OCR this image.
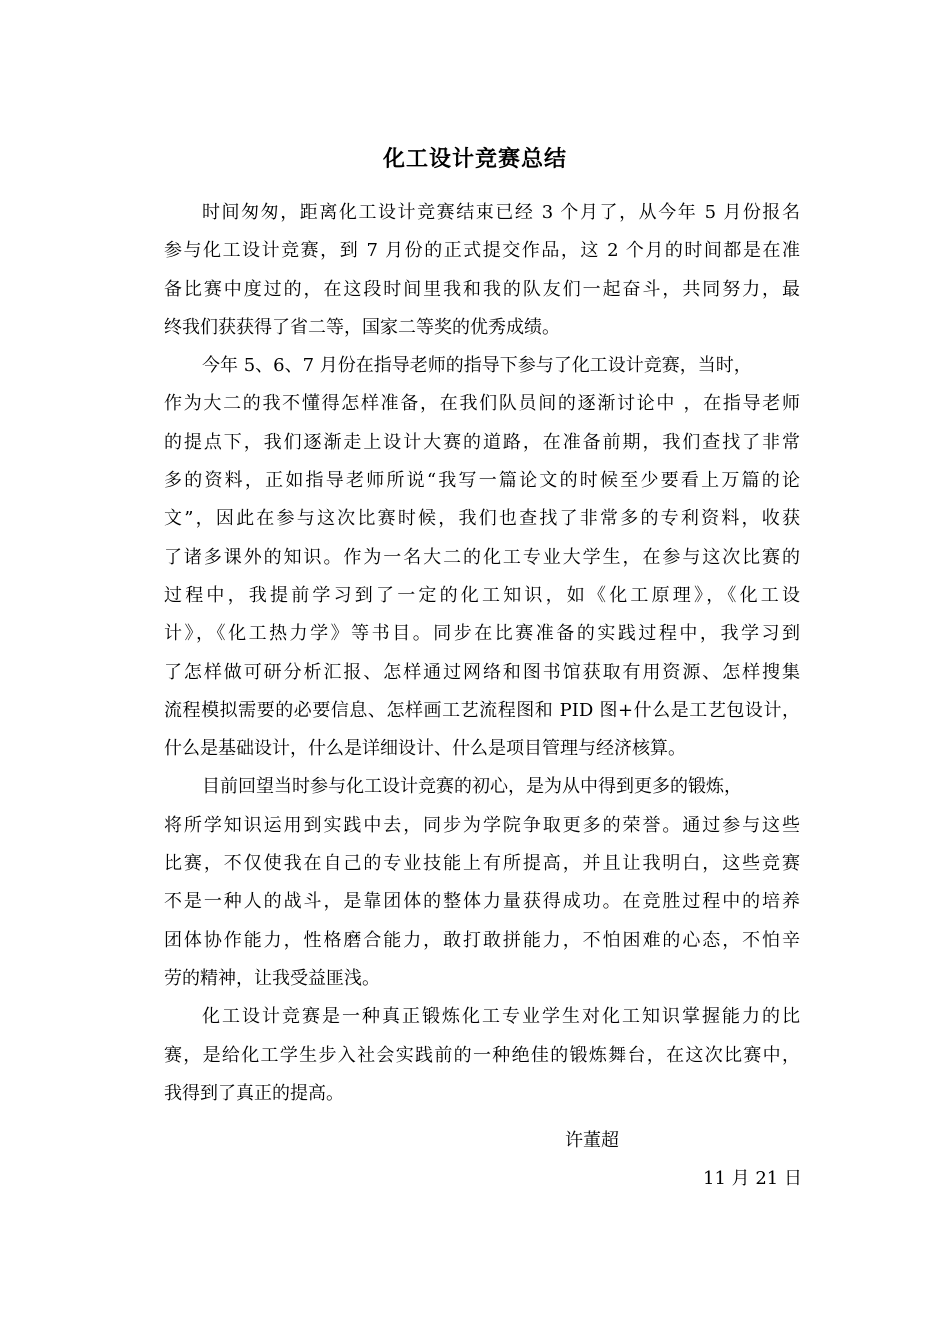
化工设计竞赛总结
时间匆匆，距离化工设计竞赛结束已经 3 个月了，从今年 5 月份报名
参与化工设计竞赛，到 7 月份的正式提交作品，这 2 个月的时间都是在准
备比赛中度过的，在这段时间里我和我的队友们一起奋斗，共同努力，最
终我们获获得了省二等，国家二等奖的优秀成绩。
今年 5、6、7 月份在指导老师的指导下参与了化工设计竞赛，当时，
作为大二的我不懂得怎样准备，在我们队员间的逐渐讨论中 ，在指导老师
的提点下，我们逐渐走上设计大赛的道路，在准备前期，我们查找了非常
多的资料，正如指导老师所说“我写一篇论文的时候至少要看上万篇的论
文”，因此在参与这次比赛时候，我们也查找了非常多的专利资料，收获
了诸多课外的知识。作为一名大二的化工专业大学生，在参与这次比赛的
过程中，我提前学习到了一定的化工知识，如《化工原理》，《化工设
计》，《化工热力学》等书目。同步在比赛准备的实践过程中，我学习到
了怎样做可研分析汇报、怎样通过网络和图书馆获取有用资源、怎样搜集
流程模拟需要的必要信息、怎样画工艺流程图和 PID 图+什么是工艺包设计，
什么是基础设计，什么是详细设计、什么是项目管理与经济核算。
目前回望当时参与化工设计竞赛的初心，是为从中得到更多的锻炼，
将所学知识运用到实践中去，同步为学院争取更多的荣誉。通过参与这些
比赛，不仅使我在自己的专业技能上有所提高，并且让我明白，这些竞赛
不是一种人的战斗，是靠团体的整体力量获得成功。在竞胜过程中的培养
团体协作能力，性格磨合能力，敢打敢拼能力，不怕困难的心态，不怕辛
劳的精神，让我受益匪浅。
化工设计竞赛是一种真正锻炼化工专业学生对化工知识掌握能力的比
赛，是给化工学生步入社会实践前的一种绝佳的锻炼舞台，在这次比赛中，
我得到了真正的提高。
许董超
11 月 21 日
